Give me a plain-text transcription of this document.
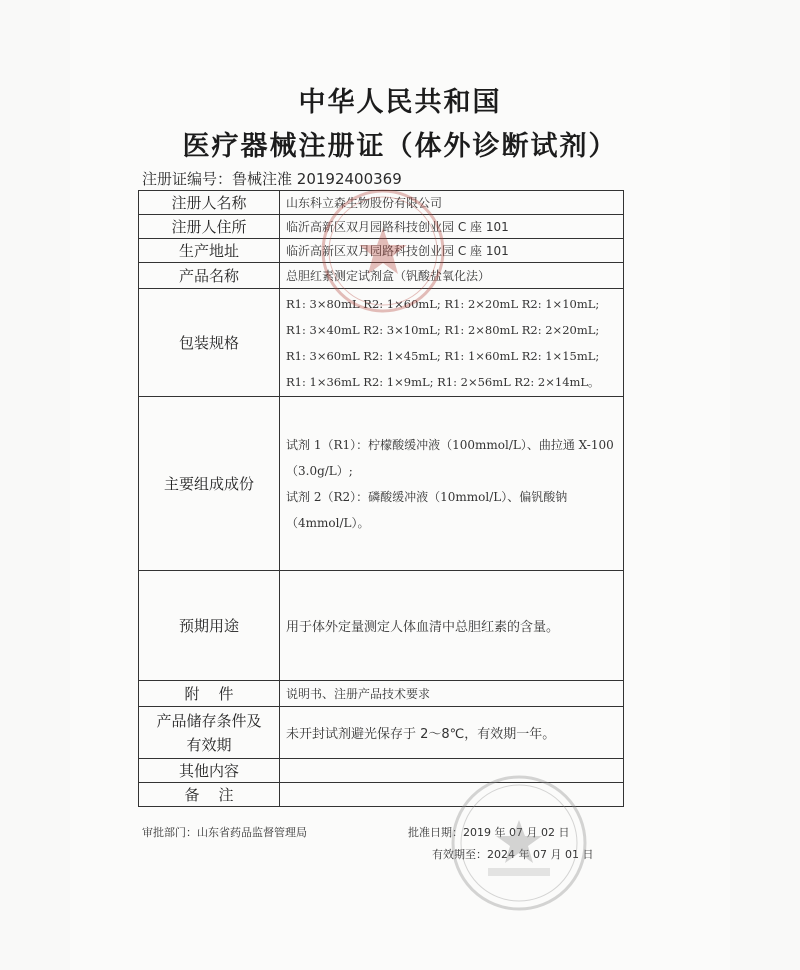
中华人民共和国
医疗器械注册证（体外诊断试剂）
注册证编号：鲁械注准 20192400369
注册人名称	山东科立森生物股份有限公司
注册人住所	临沂高新区双月园路科技创业园 C 座 101
生产地址	临沂高新区双月园路科技创业园 C 座 101
产品名称	总胆红素测定试剂盒（钒酸盐氧化法）
包装规格	R1: 3×80mL R2: 1×60mL; R1: 2×20mL R2: 1×10mL;
R1: 3×40mL R2: 3×10mL; R1: 2×80mL R2: 2×20mL;
R1: 3×60mL R2: 1×45mL; R1: 1×60mL R2: 1×15mL;
R1: 1×36mL R2: 1×9mL; R1: 2×56mL R2: 2×14mL。

主要组成成份	试剂 1（R1）：柠檬酸缓冲液（100mmol/L）、曲拉通 X-100
（3.0g/L）;
试剂 2（R2）：磷酸缓冲液（10mmol/L）、偏钒酸钠
（4mmol/L）。

预期用途	用于体外定量测定人体血清中总胆红素的含量。
附    件	说明书、注册产品技术要求

产品储存条件及
有效期	未开封试剂避光保存于 2～8℃，有效期一年。
其他内容	
备    注	
审批部门：山东省药品监督管理局	批准日期：2019 年 07 月 02 日
有效期至：2024 年 07 月 01 日
